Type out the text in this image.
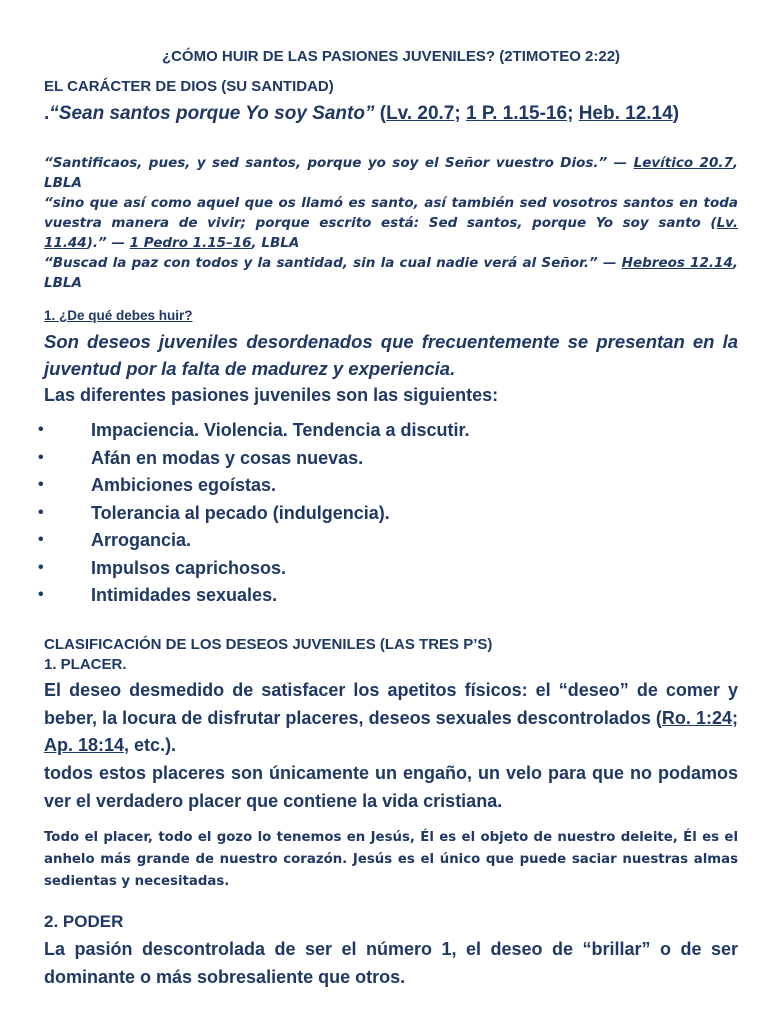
¿CÓMO HUIR DE LAS PASIONES JUVENILES? (2TIMOTEO 2:22)
EL CARÁCTER DE DIOS (SU SANTIDAD)
.“Sean santos porque Yo soy Santo” (Lv. 20.7; 1 P. 1.15-16; Heb. 12.14)

“Santificaos, pues, y sed santos, porque yo soy el Señor vuestro Dios.” — Levítico 20.7, LBLA

“sino que así como aquel que os llamó es santo, así también sed vosotros santos en toda vuestra manera de vivir; porque escrito está: Sed santos, porque Yo soy santo (Lv. 11.44).” — 1 Pedro 1.15–16, LBLA

“Buscad la paz con todos y la santidad, sin la cual nadie verá al Señor.” — Hebreos 12.14, LBLA

1. ¿De qué debes huir?
Son deseos juveniles desordenados que frecuentemente se presentan en la juventud por la falta de madurez y experiencia.
Las diferentes pasiones juveniles son las siguientes:
•	Impaciencia. Violencia. Tendencia a discutir.
•	Afán en modas y cosas nuevas.
•	Ambiciones egoístas.
•	Tolerancia al pecado (indulgencia).
•	Arrogancia.
•	Impulsos caprichosos.
•	Intimidades sexuales.
CLASIFICACIÓN DE LOS DESEOS JUVENILES (LAS TRES P’S)
1. PLACER.
El deseo desmedido de satisfacer los apetitos físicos: el “deseo” de comer y beber, la locura de disfrutar placeres, deseos sexuales descontrolados (Ro. 1:24; Ap. 18:14, etc.).
todos estos placeres son únicamente un engaño, un velo para que no podamos ver el verdadero placer que contiene la vida cristiana.
Todo el placer, todo el gozo lo tenemos en Jesús, Él es el objeto de nuestro deleite, Él es el anhelo más grande de nuestro corazón. Jesús es el único que puede saciar nuestras almas sedientas y necesitadas.
2. PODER
La pasión descontrolada de ser el número 1, el deseo de “brillar” o de ser dominante o más sobresaliente que otros.
